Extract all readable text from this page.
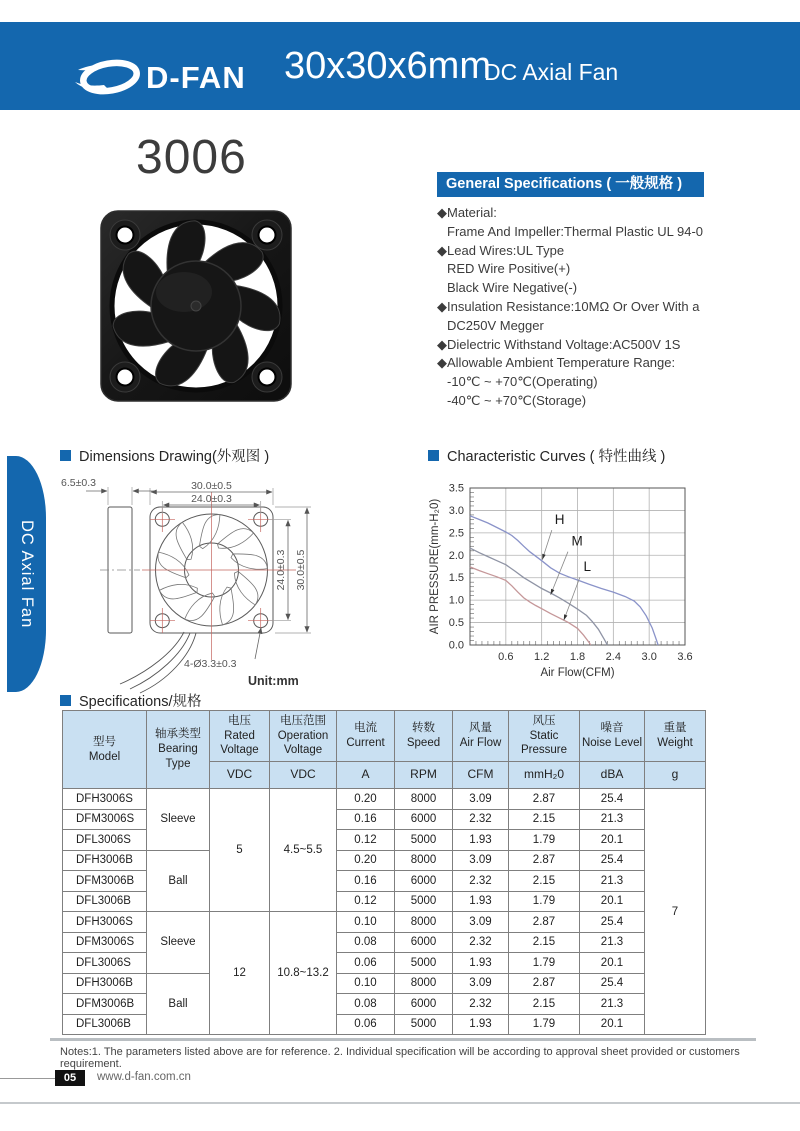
D-FAN 30x30x6mm
DC Axial Fan
DC Axial Fan
3006	General Specifications ( 一般规格 )
◆Material:
Frame And Impeller:Thermal Plastic UL 94-0
◆Lead Wires:UL Type
RED Wire Positive(+)
Black Wire Negative(-)
◆Insulation Resistance:10MΩ Or Over With a
DC250V Megger
◆Dielectric Withstand Voltage:AC500V 1S
◆Allowable Ambient Temperature Range:
-10℃ ~ +70℃(Operating)
-40℃ ~ +70℃(Storage)
Dimensions Drawing(外观图 )	Characteristic Curves ( 特性曲线 )
Specifications/规格
6.5±0.3	30.0±0.5
24.0±0.3
24.0±0.3 30.0±0.5
4-Ø3.3±0.3
Unit:mm
0.6 1.2 1.8 2.4 3.0 3.6
0.0
0.5
1.0
1.5
2.0
2.5
3.0
3.5
Air Flow(CFM)
AIR PRESSURE(mm-H₂0)	H
M
L
型号
Model

轴承类型
Bearing
Type

电压
Rated
Voltage

电压范围
Operation
Voltage

电流
Current

转数
Speed

风量
Air Flow

风压
Static
Pressure

噪音
Noise Level

重量
Weight

		VDC	VDC	A	RPM	CFM	mmH₂0	dBA	g
DFH3006S	Sleeve	5	4.5~5.5	0.20	8000	3.09	2.87	25.4	7
DFM3006S				0.16	6000	2.32	2.15	21.3	
DFL3006S				0.12	5000	1.93	1.79	20.1	
DFH3006B	Ball			0.20	8000	3.09	2.87	25.4	
DFM3006B				0.16	6000	2.32	2.15	21.3	
DFL3006B				0.12	5000	1.93	1.79	20.1	
DFH3006S	Sleeve	12	10.8~13.2	0.10	8000	3.09	2.87	25.4	
DFM3006S				0.08	6000	2.32	2.15	21.3	
DFL3006S				0.06	5000	1.93	1.79	20.1	
DFH3006B	Ball			0.10	8000	3.09	2.87	25.4	
DFM3006B				0.08	6000	2.32	2.15	21.3	
DFL3006B				0.06	5000	1.93	1.79	20.1	
Notes:1. The parameters listed above are for reference. 2. Individual specification will be according to approval sheet provided or customers requirement.
05	www.d-fan.com.cn
